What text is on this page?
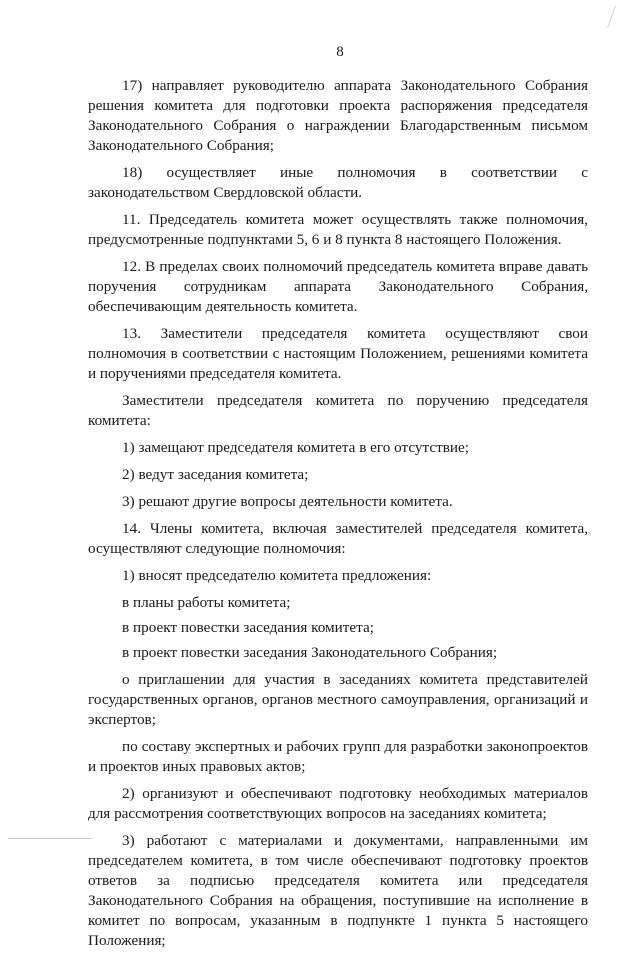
8

17) направляет руководителю аппарата Законодательного Собрания решения комитета для подготовки проекта распоряжения председателя Законодательного Собрания о награждении Благодарственным письмом Законодательного Собрания;

18) осуществляет иные полномочия в соответствии с законодательством Свердловской области.

11. Председатель комитета может осуществлять также полномочия, предусмотренные подпунктами 5, 6 и 8 пункта 8 настоящего Положения.

12. В пределах своих полномочий председатель комитета вправе давать поручения сотрудникам аппарата Законодательного Собрания, обеспечивающим деятельность комитета.

13. Заместители председателя комитета осуществляют свои полномочия в соответствии с настоящим Положением, решениями комитета и поручениями председателя комитета.

Заместители председателя комитета по поручению председателя комитета:

1) замещают председателя комитета в его отсутствие;

2) ведут заседания комитета;

3) решают другие вопросы деятельности комитета.

14. Члены комитета, включая заместителей председателя комитета, осуществляют следующие полномочия:

1) вносят председателю комитета предложения:

в планы работы комитета;

в проект повестки заседания комитета;

в проект повестки заседания Законодательного Собрания;

о приглашении для участия в заседаниях комитета представителей государственных органов, органов местного самоуправления, организаций и экспертов;

по составу экспертных и рабочих групп для разработки законопроектов и проектов иных правовых актов;

2) организуют и обеспечивают подготовку необходимых материалов для рассмотрения соответствующих вопросов на заседаниях комитета;

3) работают с материалами и документами, направленными им председателем комитета, в том числе обеспечивают подготовку проектов ответов за подписью председателя комитета или председателя Законодательного Собрания на обращения, поступившие на исполнение в комитет по вопросам, указанным в подпункте 1 пункта 5 настоящего Положения;
